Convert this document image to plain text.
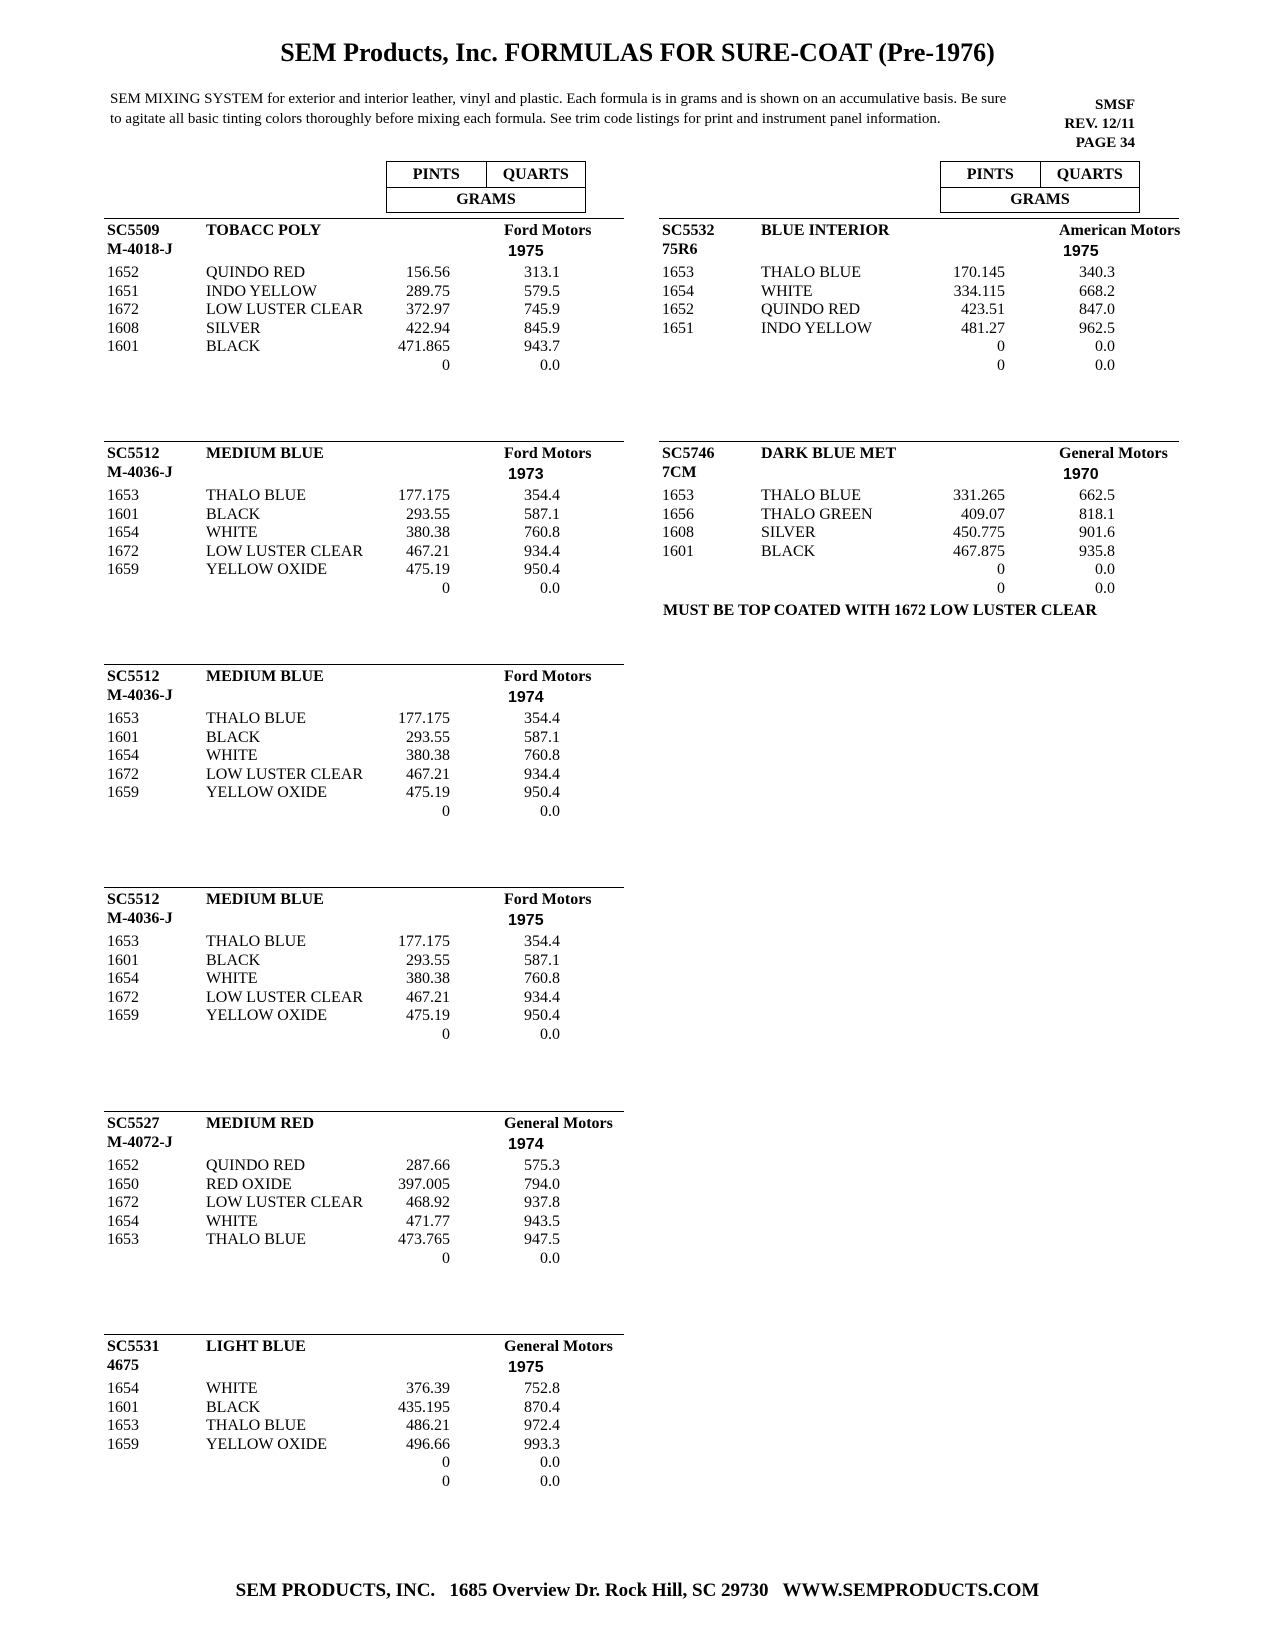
SEM Products, Inc. FORMULAS FOR SURE-COAT (Pre-1976)
SEM MIXING SYSTEM for exterior and interior leather, vinyl and plastic. Each formula is in grams and is shown on an accumulative basis. Be sure to agitate all basic tinting colors thoroughly before mixing each formula. See trim code listings for print and instrument panel information.
SMSF
REV. 12/11
PAGE 34
PINTS	QUARTS
GRAMS
PINTS	QUARTS
GRAMS
SC5509	TOBACC POLY	Ford Motors
M-4018-J	1975
1652	QUINDO RED	156.56	313.1
1651	INDO YELLOW	289.75	579.5
1672	LOW LUSTER CLEAR	372.97	745.9
1608	SILVER	422.94	845.9
1601	BLACK	471.865	943.7
0	0.0
SC5512	MEDIUM BLUE	Ford Motors
M-4036-J	1973
1653	THALO BLUE	177.175	354.4
1601	BLACK	293.55	587.1
1654	WHITE	380.38	760.8
1672	LOW LUSTER CLEAR	467.21	934.4
1659	YELLOW OXIDE	475.19	950.4
0	0.0
SC5512	MEDIUM BLUE	Ford Motors
M-4036-J	1974
1653	THALO BLUE	177.175	354.4
1601	BLACK	293.55	587.1
1654	WHITE	380.38	760.8
1672	LOW LUSTER CLEAR	467.21	934.4
1659	YELLOW OXIDE	475.19	950.4
0	0.0
SC5512	MEDIUM BLUE	Ford Motors
M-4036-J	1975
1653	THALO BLUE	177.175	354.4
1601	BLACK	293.55	587.1
1654	WHITE	380.38	760.8
1672	LOW LUSTER CLEAR	467.21	934.4
1659	YELLOW OXIDE	475.19	950.4
0	0.0
SC5527	MEDIUM RED	General Motors
M-4072-J	1974
1652	QUINDO RED	287.66	575.3
1650	RED OXIDE	397.005	794.0
1672	LOW LUSTER CLEAR	468.92	937.8
1654	WHITE	471.77	943.5
1653	THALO BLUE	473.765	947.5
0	0.0
SC5531	LIGHT BLUE	General Motors
4675	1975
1654	WHITE	376.39	752.8
1601	BLACK	435.195	870.4
1653	THALO BLUE	486.21	972.4
1659	YELLOW OXIDE	496.66	993.3
0	0.0
0	0.0
SC5532	BLUE INTERIOR	American Motors
75R6	1975
1653	THALO BLUE	170.145	340.3
1654	WHITE	334.115	668.2
1652	QUINDO RED	423.51	847.0
1651	INDO YELLOW	481.27	962.5
0	0.0
0	0.0
SC5746	DARK BLUE MET	General Motors
7CM	1970
1653	THALO BLUE	331.265	662.5
1656	THALO GREEN	409.07	818.1
1608	SILVER	450.775	901.6
1601	BLACK	467.875	935.8
0	0.0
0	0.0
MUST BE TOP COATED WITH 1672 LOW LUSTER CLEAR
SEM PRODUCTS, INC.   1685 Overview Dr. Rock Hill, SC 29730   WWW.SEMPRODUCTS.COM
